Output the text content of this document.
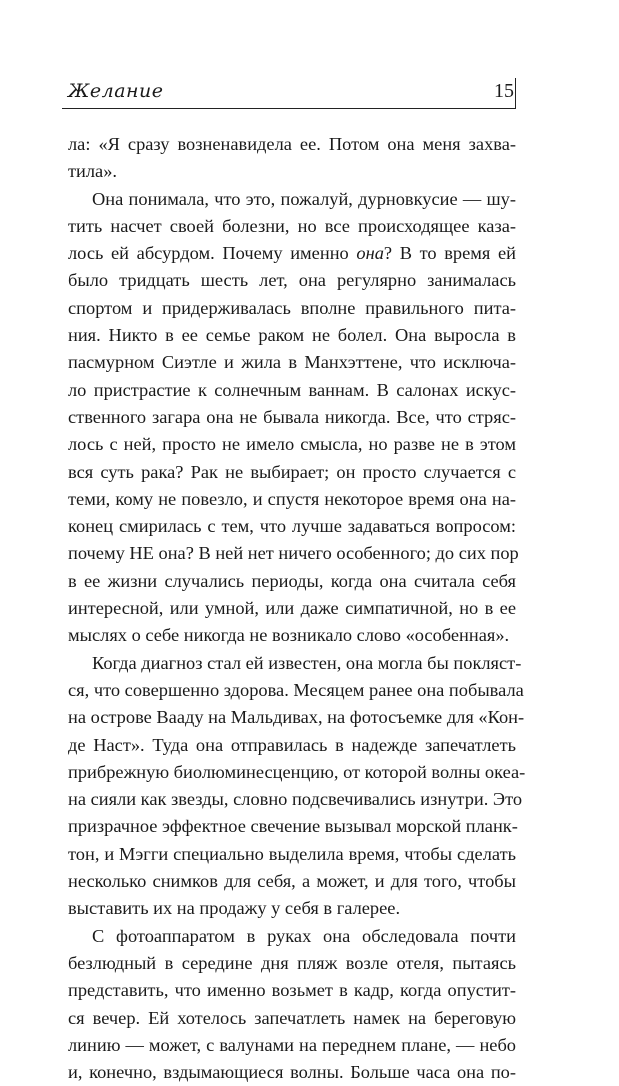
Желание	15
ла: «Я сразу возненавидела ее. Потом она меня захва-
тила».
Она понимала, что это, пожалуй, дурновкусие — шу-
тить насчет своей болезни, но все происходящее каза-
лось ей абсурдом. Почему именно она? В то время ей
было тридцать шесть лет, она регулярно занималась
спортом и придерживалась вполне правильного пита-
ния. Никто в ее семье раком не болел. Она выросла в
пасмурном Сиэтле и жила в Манхэттене, что исключа-
ло пристрастие к солнечным ваннам. В салонах искус-
ственного загара она не бывала никогда. Все, что стряс-
лось с ней, просто не имело смысла, но разве не в этом
вся суть рака? Рак не выбирает; он просто случается с
теми, кому не повезло, и спустя некоторое время она на-
конец смирилась с тем, что лучше задаваться вопросом:
почему НЕ она? В ней нет ничего особенного; до сих пор
в ее жизни случались периоды, когда она считала себя
интересной, или умной, или даже симпатичной, но в ее
мыслях о себе никогда не возникало слово «особенная».
Когда диагноз стал ей известен, она могла бы покляст-
ся, что совершенно здорова. Месяцем ранее она побывала
на острове Вааду на Мальдивах, на фотосъемке для «Кон-
де Наст». Туда она отправилась в надежде запечатлеть
прибрежную биолюминесценцию, от которой волны океа-
на сияли как звезды, словно подсвечивались изнутри. Это
призрачное эффектное свечение вызывал морской планк-
тон, и Мэгги специально выделила время, чтобы сделать
несколько снимков для себя, а может, и для того, чтобы
выставить их на продажу у себя в галерее.
С фотоаппаратом в руках она обследовала почти
безлюдный в середине дня пляж возле отеля, пытаясь
представить, что именно возьмет в кадр, когда опустит-
ся вечер. Ей хотелось запечатлеть намек на береговую
линию — может, с валунами на переднем плане, — небо
и, конечно, вздымающиеся волны. Больше часа она по-
